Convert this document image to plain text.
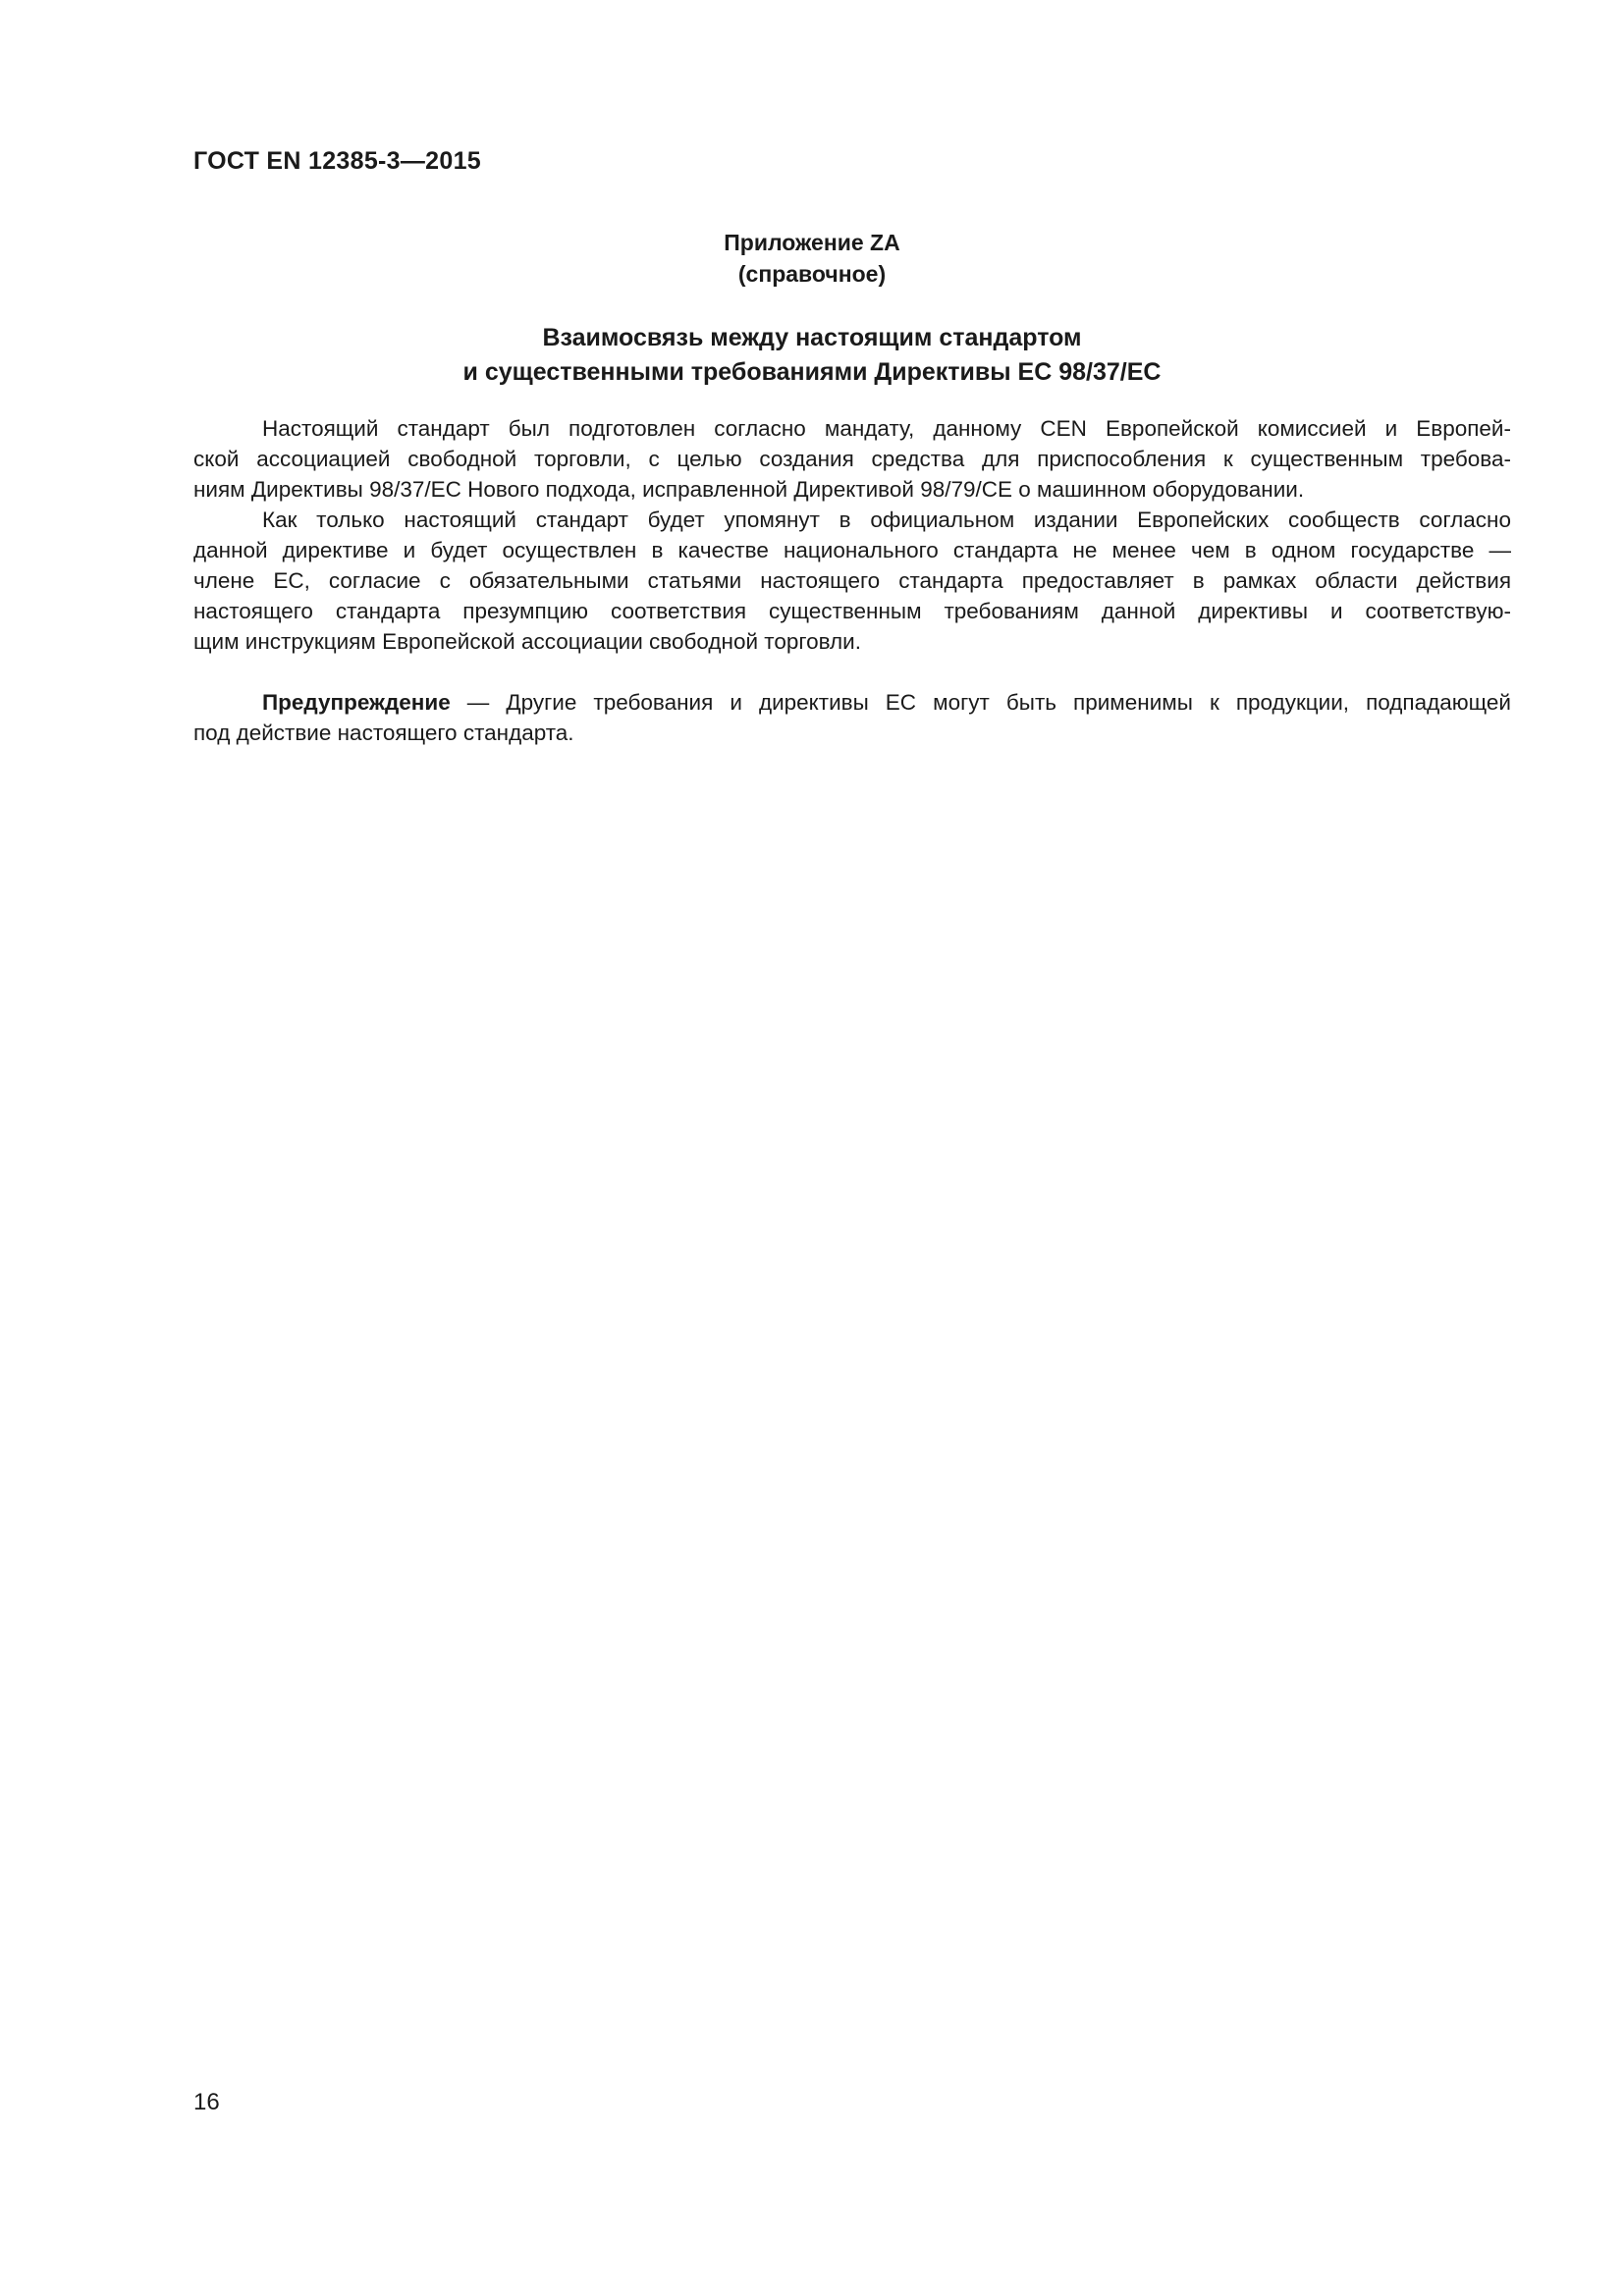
ГОСТ EN 12385-3—2015
Приложение ZA
(справочное)
Взаимосвязь между настоящим стандартом
и существенными требованиями Директивы ЕС 98/37/ЕС

Настоящий стандарт был подготовлен согласно мандату, данному CEN Европейской комиссией и Европей-
ской ассоциацией свободной торговли, с целью создания средства для приспособления к существенным требова-
ниям Директивы 98/37/ЕС Нового подхода, исправленной Директивой 98/79/СЕ о машинном оборудовании.

Как только настоящий стандарт будет упомянут в официальном издании Европейских сообществ согласно
данной директиве и будет осуществлен в качестве национального стандарта не менее чем в одном государстве —
члене ЕС, согласие с обязательными статьями настоящего стандарта предоставляет в рамках области действия
настоящего стандарта презумпцию соответствия существенным требованиям данной директивы и соответствую-
щим инструкциям Европейской ассоциации свободной торговли.

Предупреждение — Другие требования и директивы ЕС могут быть применимы к продукции, подпадающей
под действие настоящего стандарта.

16
